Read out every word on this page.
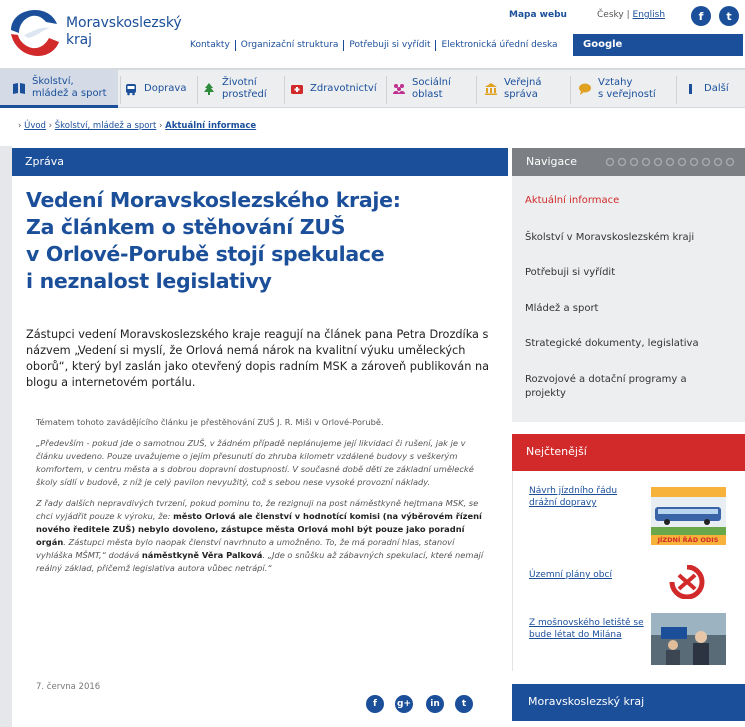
Moravskoslezský
kraj
Mapa webu	Česky | English	f	t
Kontakty	Organizační struktura	Potřebuji si vyřídit	Elektronická úřední deska	Google
Školství,
mládež a sport	Doprava
Životní
prostředí
Zdravotnictví
Sociální
oblast
Veřejná
správa
Vztahy
s veřejností
Další
› Úvod › Školství, mládež a sport › Aktuální informace
Zpráva
Vedení Moravskoslezského kraje:
Za článkem o stěhování ZUŠ
v Orlové-Porubě stojí spekulace
i neznalost legislativy
Zástupci vedení Moravskoslezského kraje reagují na článek pana Petra Drozdíka s názvem „Vedení si myslí, že Orlová nemá nárok na kvalitní výuku uměleckých oborů“, který byl zaslán jako otevřený dopis radním MSK a zároveň publikován na blogu a internetovém portálu.

Tématem tohoto zavádějícího článku je přestěhování ZUŠ J. R. Miši v Orlové-Porubě.

„Především - pokud jde o samotnou ZUŠ, v žádném případě neplánujeme její likvidaci či rušení, jak je v článku uvedeno. Pouze uvažujeme o jejím přesunutí do zhruba kilometr vzdálené budovy s veškerým komfortem, v centru města a s dobrou dopravní dostupností. V současné době děti ze základní umělecké školy sídlí v budově, z níž je celý pavilon nevyužitý, což s sebou nese vysoké provozní náklady.

Z řady dalších nepravdivých tvrzení, pokud pominu to, že rezignuji na post náměstkyně hejtmana MSK, se chci vyjádřit pouze k výroku, že: město Orlová ale členství v hodnotící komisi (na výběrovém řízení nového ředitele ZUŠ) nebylo dovoleno, zástupce města Orlová mohl být pouze jako poradní orgán. Zástupci města bylo naopak členství navrhnuto a umožněno. To, že má poradní hlas, stanoví vyhláška MŠMT,“ dodává náměstkyně Věra Palková. „Jde o snůšku až zábavných spekulací, které nemají reálný základ, přičemž legislativa autora vůbec netrápí.“

7. června 2016
f	g+	in	t
Navigace
Aktuální informace
Školství v Moravskoslezském kraji
Potřebuji si vyřídit
Mládež a sport
Strategické dokumenty, legislativa
Rozvojové a dotační programy a projekty
Nejčtenější
Návrh jízdního řádu
drážní dopravy
JÍZDNÍ ŘÁD ODIS
Územní plány obcí
Z mošnovského letiště se
bude létat do Milána
Moravskoslezský kraj
